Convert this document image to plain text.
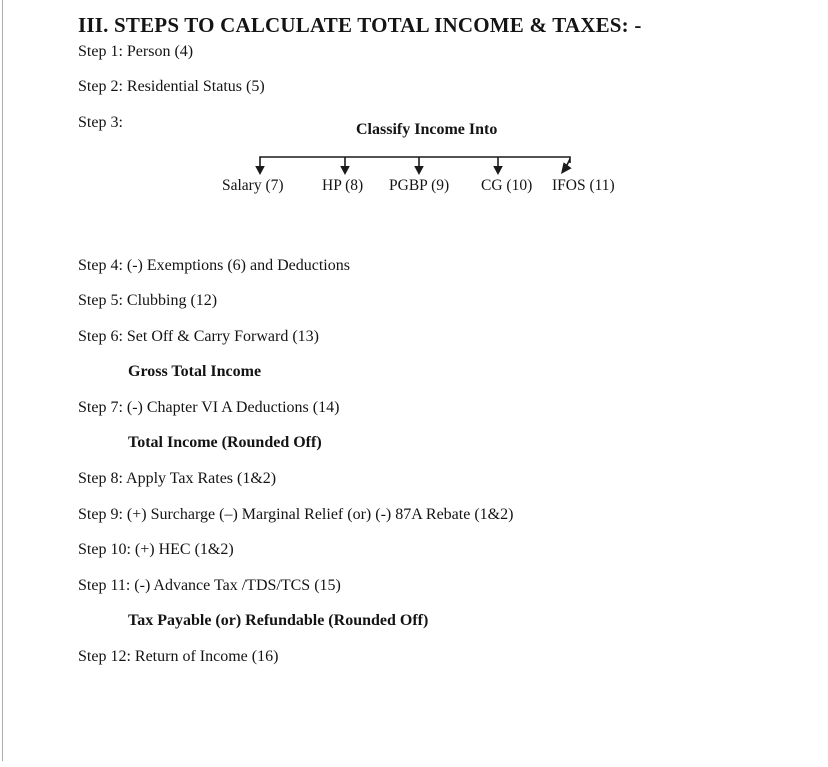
III. STEPS TO CALCULATE TOTAL INCOME & TAXES: -
Step 1: Person (4)
Step 2: Residential Status (5)
Step 3:	Classify Income Into
Salary (7) HP (8) PGBP (9) CG (10) IFOS (11)
Step 4: (-) Exemptions (6) and Deductions
Step 5: Clubbing (12)
Step 6: Set Off & Carry Forward (13)
Gross Total Income
Step 7: (-) Chapter VI A Deductions (14)
Total Income (Rounded Off)
Step 8: Apply Tax Rates (1&2)
Step 9: (+) Surcharge (–) Marginal Relief (or) (-) 87A Rebate (1&2)
Step 10: (+) HEC (1&2)
Step 11: (-) Advance Tax /TDS/TCS (15)
Tax Payable (or) Refundable (Rounded Off)
Step 12: Return of Income (16)
